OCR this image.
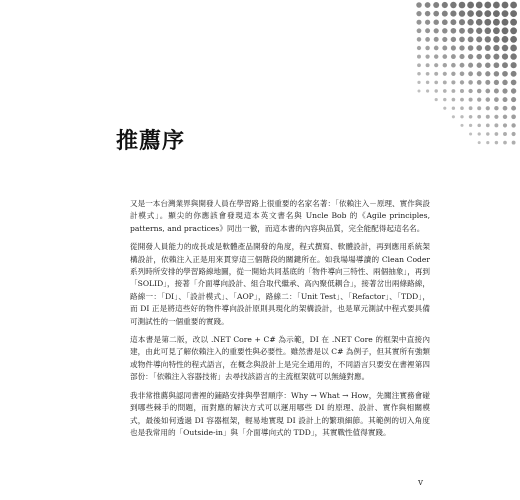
推薦序

又是一本台灣業界與開發人員在學習路上很重要的名家名著：「依賴注入－原理、實作與設計模式」。顯尖的你應該會發現這本英文書名與 Uncle Bob 的《Agile principles, patterns, and practices》同出一徹，而這本書的內容與品質，完全能配得起這名名。

從開發人員能力的成長或是軟體產品開發的角度，程式撰寫、軟體設計，再到應用系統架構設計，依賴注入正是用來貫穿這三個階段的關鍵所在。如我場場導讀的 Clean Coder 系列時所安排的學習路線地圖，從一開始共同基底的「物件導向三特性、兩個抽象」，再到「SOLID」，接著「介面導向設計、組合取代繼承、高內聚低耦合」，接著岔出兩條路線，路線一：「DI」、「設計模式」、「AOP」，路線二：「Unit Test」、「Refactor」、「TDD」，而 DI 正是將這些好的物件導向設計原則具現化的架構設計，也是單元測試中程式要具備可測試性的一個重要的實踐。

這本書是第二版，改以 .NET Core + C# 為示範，DI 在 .NET Core 的框架中直接內建，由此可見了解依賴注入的重要性與必要性。雖然書是以 C# 為例子，但其實所有強類或物件導向特性的程式語言，在概念與設計上是完全通用的，不同語言只要安在書裡第四部份：「依賴注入容器技術」去尋找該語言的主流框架就可以無縫對應。

我非常推薦與認同書裡的鋪路安排與學習順序：Why → What → How，先關注實務會碰到哪些棘手的問題，而對應的解決方式可以運用哪些 DI 的原理、設計、實作與相關模式，最後如何透過 DI 容器框架，輕易地實現 DI 設計上的繁瑣細節。其範例的切入角度也是我常用的「Outside-in」與「介面導向式的 TDD」，其實戰性值得實踐。

v
